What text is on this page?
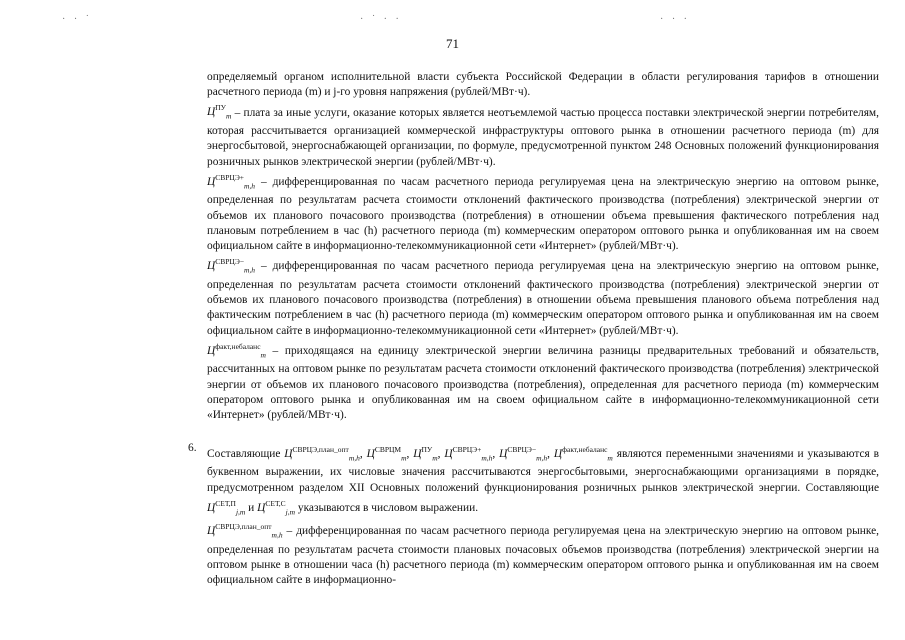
· · ˙	· ˙ · ·	· · ·
71

определяемый органом исполнительной власти субъекта Российской Федерации в области регулирования тарифов в отношении расчетного периода (m) и j-го уровня напряжения (рублей/МВт·ч).

$Ц^{ПУ}_m$ – плата за иные услуги, оказание которых является неотъемлемой частью процесса поставки электрической энергии потребителям, которая рассчитывается организацией коммерческой инфраструктуры оптового рынка в отношении расчетного периода (m) для энергосбытовой, энергоснабжающей организации, по формуле, предусмотренной пунктом 248 Основных положений функционирования розничных рынков электрической энергии (рублей/МВт·ч).

$Ц^{СВРЦЭ+}_{m,h}$ – дифференцированная по часам расчетного периода регулируемая цена на электрическую энергию на оптовом рынке, определенная по результатам расчета стоимости отклонений фактического производства (потребления) электрической энергии от объемов их планового почасового производства (потребления) в отношении объема превышения фактического потребления над плановым потреблением в час (h) расчетного периода (m) коммерческим оператором оптового рынка и опубликованная им на своем официальном сайте в информационно-телекоммуникационной сети «Интернет» (рублей/МВт·ч).

$Ц^{СВРЦЭ-}_{m,h}$ – дифференцированная по часам расчетного периода регулируемая цена на электрическую энергию на оптовом рынке, определенная по результатам расчета стоимости отклонений фактического производства (потребления) электрической энергии от объемов их планового почасового производства (потребления) в отношении объема превышения планового объема потребления над фактическим потреблением в час (h) расчетного периода (m) коммерческим оператором оптового рынка и опубликованная им на своем официальном сайте в информационно-телекоммуникационной сети «Интернет» (рублей/МВт·ч).

$Ц^{факт,небаланс}_m$ – приходящаяся на единицу электрической энергии величина разницы предварительных требований и обязательств, рассчитанных на оптовом рынке по результатам расчета стоимости отклонений фактического производства (потребления) электрической энергии от объемов их планового почасового производства (потребления), определенная для расчетного периода (m) коммерческим оператором оптового рынка и опубликованная им на своем официальном сайте в информационно-телекоммуникационной сети «Интернет» (рублей/МВт·ч).

6. Составляющие $Ц^{СВРЦЭ,план\_опт}_{m,h}$, $Ц^{СВРЦМ}_m$, $Ц^{ПУ}_m$, $Ц^{СВРЦЭ+}_{m,h}$, $Ц^{СВРЦЭ-}_{m,h}$, $Ц^{факт,небаланс}_m$ являются переменными значениями и указываются в буквенном выражении, их числовые значения рассчитываются энергосбытовыми, энергоснабжающими организациями в порядке, предусмотренном разделом XII Основных положений функционирования розничных рынков электрической энергии. Составляющие $Ц^{СЕТ,П}_{j,m}$ и $Ц^{СЕТ,С}_{j,m}$ указываются в числовом выражении.

$Ц^{СВРЦЭ,план\_опт}_{m,h}$ – дифференцированная по часам расчетного периода регулируемая цена на электрическую энергию на оптовом рынке, определенная по результатам расчета стоимости плановых почасовых объемов производства (потребления) электрической энергии на оптовом рынке в отношении часа (h) расчетного периода (m) коммерческим оператором оптового рынка и опубликованная им на своем официальном сайте в информационно-
